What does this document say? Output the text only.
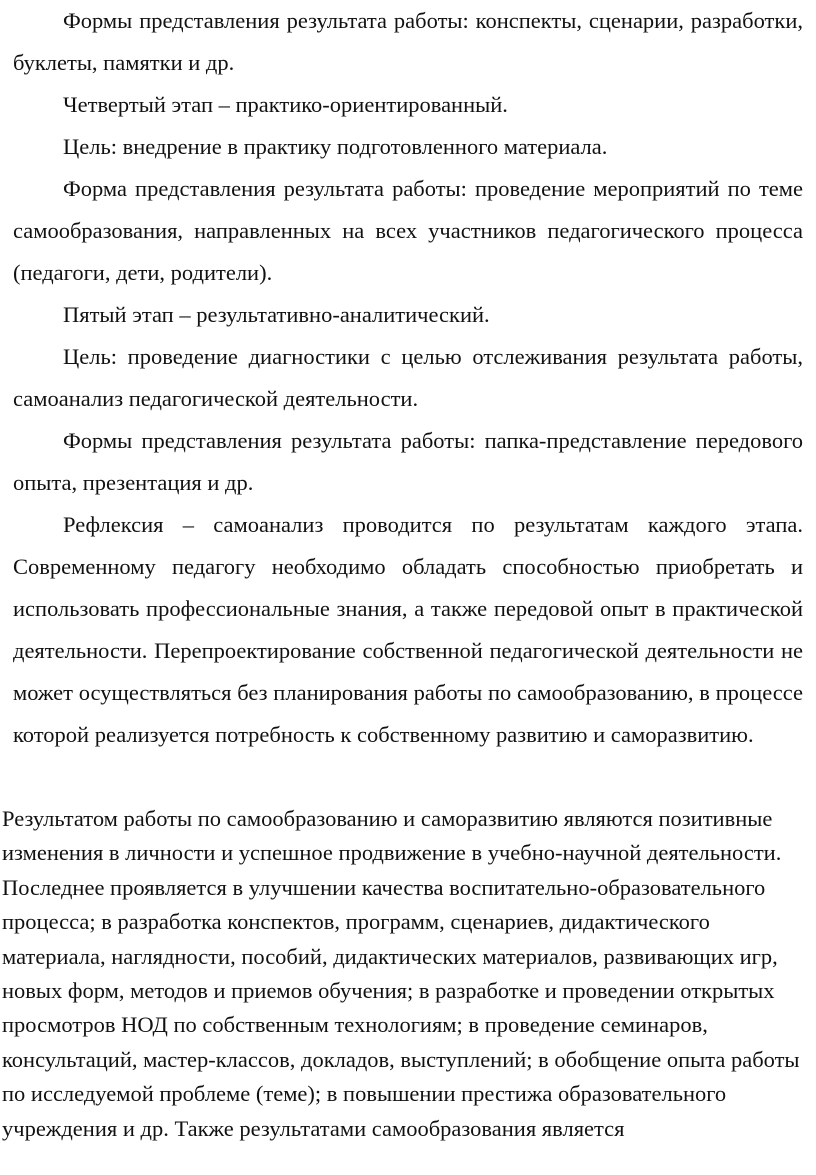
Формы представления результата работы: конспекты, сценарии, разработки, буклеты, памятки и др.

Четвертый этап – практико-ориентированный.

Цель: внедрение в практику подготовленного материала.

Форма представления результата работы: проведение мероприятий по теме самообразования, направленных на всех участников педагогического процесса (педагоги, дети, родители).

Пятый этап – результативно-аналитический.

Цель: проведение диагностики с целью отслеживания результата работы, самоанализ педагогической деятельности.

Формы представления результата работы: папка-представление передового опыта, презентация и др.

Рефлексия – самоанализ проводится по результатам каждого этапа. Современному педагогу необходимо обладать способностью приобретать и использовать профессиональные знания, а также передовой опыт в практической деятельности. Перепроектирование собственной педагогической деятельности не может осуществляться без планирования работы по самообразованию, в процессе которой реализуется потребность к собственному развитию и саморазвитию.

Результатом работы по самообразованию и саморазвитию являются позитивные изменения в личности и успешное продвижение в учебно-научной деятельности. Последнее проявляется в улучшении качества воспитательно-образовательного процесса; в разработка конспектов, программ, сценариев, дидактического материала, наглядности, пособий, дидактических материалов, развивающих игр, новых форм, методов и приемов обучения; в разработке и проведении открытых просмотров НОД по собственным технологиям; в проведение семинаров, консультаций, мастер-классов, докладов, выступлений; в обобщение опыта работы по исследуемой проблеме (теме); в повышении престижа образовательного учреждения и др. Также результатами самообразования является
